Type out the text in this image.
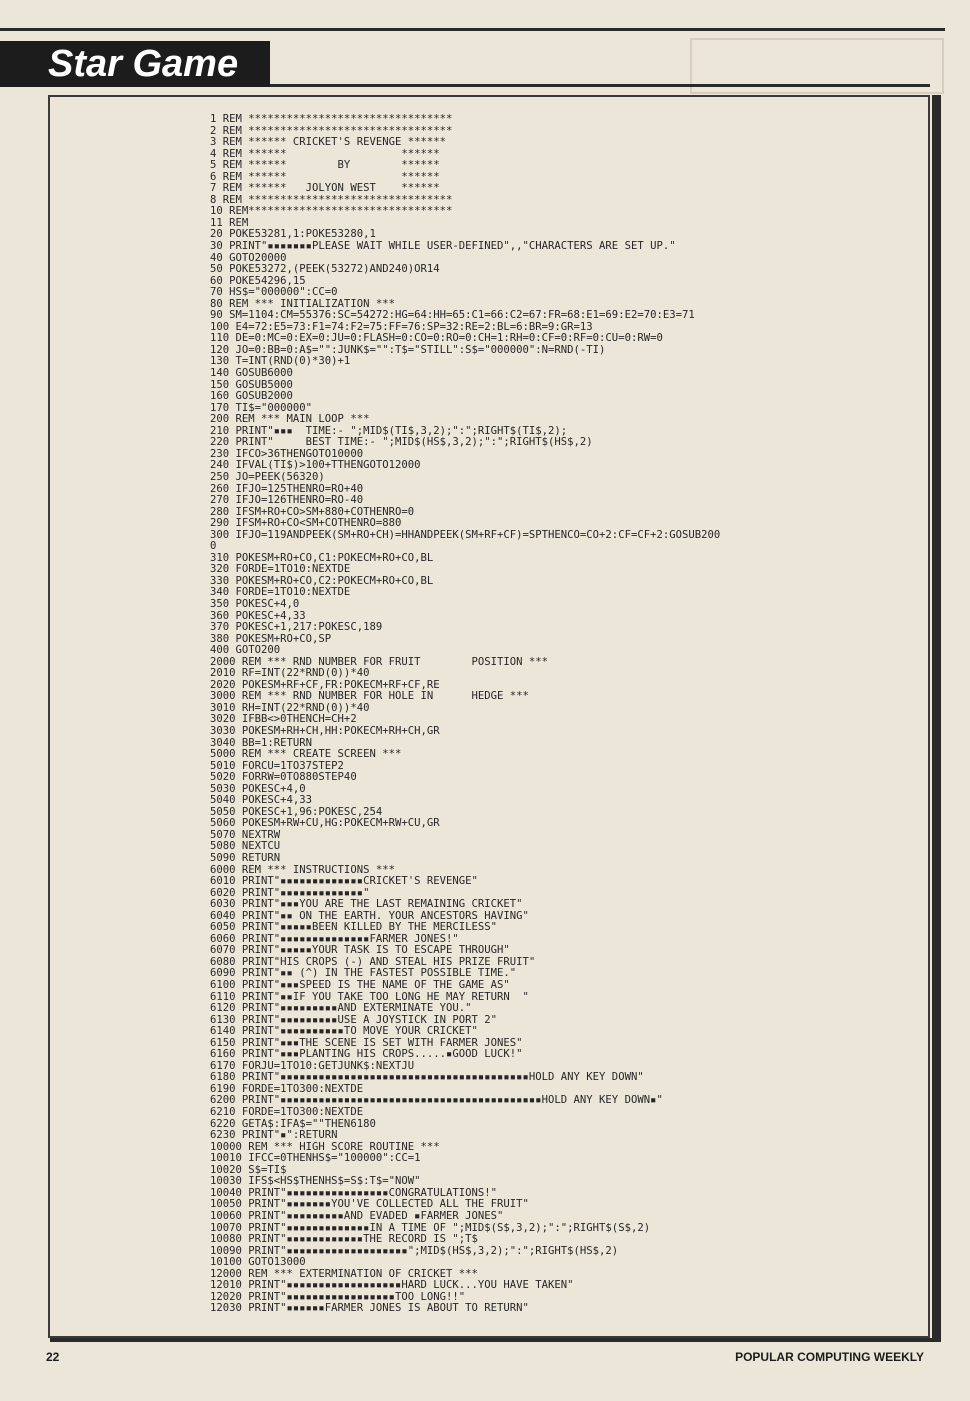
Star Game
1 REM ********************************
2 REM ********************************
3 REM ****** CRICKET'S REVENGE ******
4 REM ******                  ******
5 REM ******        BY        ******
6 REM ******                  ******
7 REM ******   JOLYON WEST    ******
8 REM ********************************
10 REM********************************
11 REM
20 POKE53281,1:POKE53280,1
30 PRINT"▪▪▪▪▪▪▪PLEASE WAIT WHILE USER-DEFINED",,"CHARACTERS ARE SET UP."
40 GOTO20000
50 POKE53272,(PEEK(53272)AND240)OR14
60 POKE54296,15
70 HS$="000000":CC=0
80 REM *** INITIALIZATION ***
90 SM=1104:CM=55376:SC=54272:HG=64:HH=65:C1=66:C2=67:FR=68:E1=69:E2=70:E3=71
100 E4=72:E5=73:F1=74:F2=75:FF=76:SP=32:RE=2:BL=6:BR=9:GR=13
110 DE=0:MC=0:EX=0:JU=0:FLASH=0:CO=0:RO=0:CH=1:RH=0:CF=0:RF=0:CU=0:RW=0
120 JO=0:BB=0:A$="":JUNK$="":T$="STILL":S$="000000":N=RND(-TI)
130 T=INT(RND(0)*30)+1
140 GOSUB6000
150 GOSUB5000
160 GOSUB2000
170 TI$="000000"
200 REM *** MAIN LOOP ***
210 PRINT"▪▪▪  TIME:- ";MID$(TI$,3,2);":";RIGHT$(TI$,2);
220 PRINT"     BEST TIME:- ";MID$(HS$,3,2);":";RIGHT$(HS$,2)
230 IFCO>36THENGOTO10000
240 IFVAL(TI$)>100+TTHENGOTO12000
250 JO=PEEK(56320)
260 IFJO=125THENRO=RO+40
270 IFJO=126THENRO=RO-40
280 IFSM+RO+CO>SM+880+COTHENRO=0
290 IFSM+RO+CO<SM+COTHENRO=880
300 IFJO=119ANDPEEK(SM+RO+CH)=HHANDPEEK(SM+RF+CF)=SPTHENCO=CO+2:CF=CF+2:GOSUB200
0
310 POKESM+RO+CO,C1:POKECM+RO+CO,BL
320 FORDE=1TO10:NEXTDE
330 POKESM+RO+CO,C2:POKECM+RO+CO,BL
340 FORDE=1TO10:NEXTDE
350 POKESC+4,0
360 POKESC+4,33
370 POKESC+1,217:POKESC,189
380 POKESM+RO+CO,SP
400 GOTO200
2000 REM *** RND NUMBER FOR FRUIT        POSITION ***
2010 RF=INT(22*RND(0))*40
2020 POKESM+RF+CF,FR:POKECM+RF+CF,RE
3000 REM *** RND NUMBER FOR HOLE IN      HEDGE ***
3010 RH=INT(22*RND(0))*40
3020 IFBB<>0THENCH=CH+2
3030 POKESM+RH+CH,HH:POKECM+RH+CH,GR
3040 BB=1:RETURN
5000 REM *** CREATE SCREEN ***
5010 FORCU=1TO37STEP2
5020 FORRW=0TO880STEP40
5030 POKESC+4,0
5040 POKESC+4,33
5050 POKESC+1,96:POKESC,254
5060 POKESM+RW+CU,HG:POKECM+RW+CU,GR
5070 NEXTRW
5080 NEXTCU
5090 RETURN
6000 REM *** INSTRUCTIONS ***
6010 PRINT"▪▪▪▪▪▪▪▪▪▪▪▪▪CRICKET'S REVENGE"
6020 PRINT"▪▪▪▪▪▪▪▪▪▪▪▪▪"
6030 PRINT"▪▪▪YOU ARE THE LAST REMAINING CRICKET"
6040 PRINT"▪▪ ON THE EARTH. YOUR ANCESTORS HAVING"
6050 PRINT"▪▪▪▪▪BEEN KILLED BY THE MERCILESS"
6060 PRINT"▪▪▪▪▪▪▪▪▪▪▪▪▪▪FARMER JONES!"
6070 PRINT"▪▪▪▪▪YOUR TASK IS TO ESCAPE THROUGH"
6080 PRINT"HIS CROPS (-) AND STEAL HIS PRIZE FRUIT"
6090 PRINT"▪▪ (^) IN THE FASTEST POSSIBLE TIME."
6100 PRINT"▪▪▪SPEED IS THE NAME OF THE GAME AS"
6110 PRINT"▪▪IF YOU TAKE TOO LONG HE MAY RETURN  "
6120 PRINT"▪▪▪▪▪▪▪▪▪AND EXTERMINATE YOU."
6130 PRINT"▪▪▪▪▪▪▪▪▪USE A JOYSTICK IN PORT 2"
6140 PRINT"▪▪▪▪▪▪▪▪▪▪TO MOVE YOUR CRICKET"
6150 PRINT"▪▪▪THE SCENE IS SET WITH FARMER JONES"
6160 PRINT"▪▪▪PLANTING HIS CROPS.....▪GOOD LUCK!"
6170 FORJU=1TO10:GETJUNK$:NEXTJU
6180 PRINT"▪▪▪▪▪▪▪▪▪▪▪▪▪▪▪▪▪▪▪▪▪▪▪▪▪▪▪▪▪▪▪▪▪▪▪▪▪▪▪HOLD ANY KEY DOWN"
6190 FORDE=1TO300:NEXTDE
6200 PRINT"▪▪▪▪▪▪▪▪▪▪▪▪▪▪▪▪▪▪▪▪▪▪▪▪▪▪▪▪▪▪▪▪▪▪▪▪▪▪▪▪▪HOLD ANY KEY DOWN▪"
6210 FORDE=1TO300:NEXTDE
6220 GETA$:IFA$=""THEN6180
6230 PRINT"▪":RETURN
10000 REM *** HIGH SCORE ROUTINE ***
10010 IFCC=0THENHS$="100000":CC=1
10020 S$=TI$
10030 IFS$<HS$THENHS$=S$:T$="NOW"
10040 PRINT"▪▪▪▪▪▪▪▪▪▪▪▪▪▪▪▪CONGRATULATIONS!"
10050 PRINT"▪▪▪▪▪▪▪YOU'VE COLLECTED ALL THE FRUIT"
10060 PRINT"▪▪▪▪▪▪▪▪▪AND EVADED ▪FARMER JONES"
10070 PRINT"▪▪▪▪▪▪▪▪▪▪▪▪▪IN A TIME OF ";MID$(S$,3,2);":";RIGHT$(S$,2)
10080 PRINT"▪▪▪▪▪▪▪▪▪▪▪▪THE RECORD IS ";T$
10090 PRINT"▪▪▪▪▪▪▪▪▪▪▪▪▪▪▪▪▪▪▪";MID$(HS$,3,2);":";RIGHT$(HS$,2)
10100 GOTO13000
12000 REM *** EXTERMINATION OF CRICKET ***
12010 PRINT"▪▪▪▪▪▪▪▪▪▪▪▪▪▪▪▪▪▪HARD LUCK...YOU HAVE TAKEN"
12020 PRINT"▪▪▪▪▪▪▪▪▪▪▪▪▪▪▪▪▪TOO LONG!!"
12030 PRINT"▪▪▪▪▪▪FARMER JONES IS ABOUT TO RETURN"
22	POPULAR COMPUTING WEEKLY
